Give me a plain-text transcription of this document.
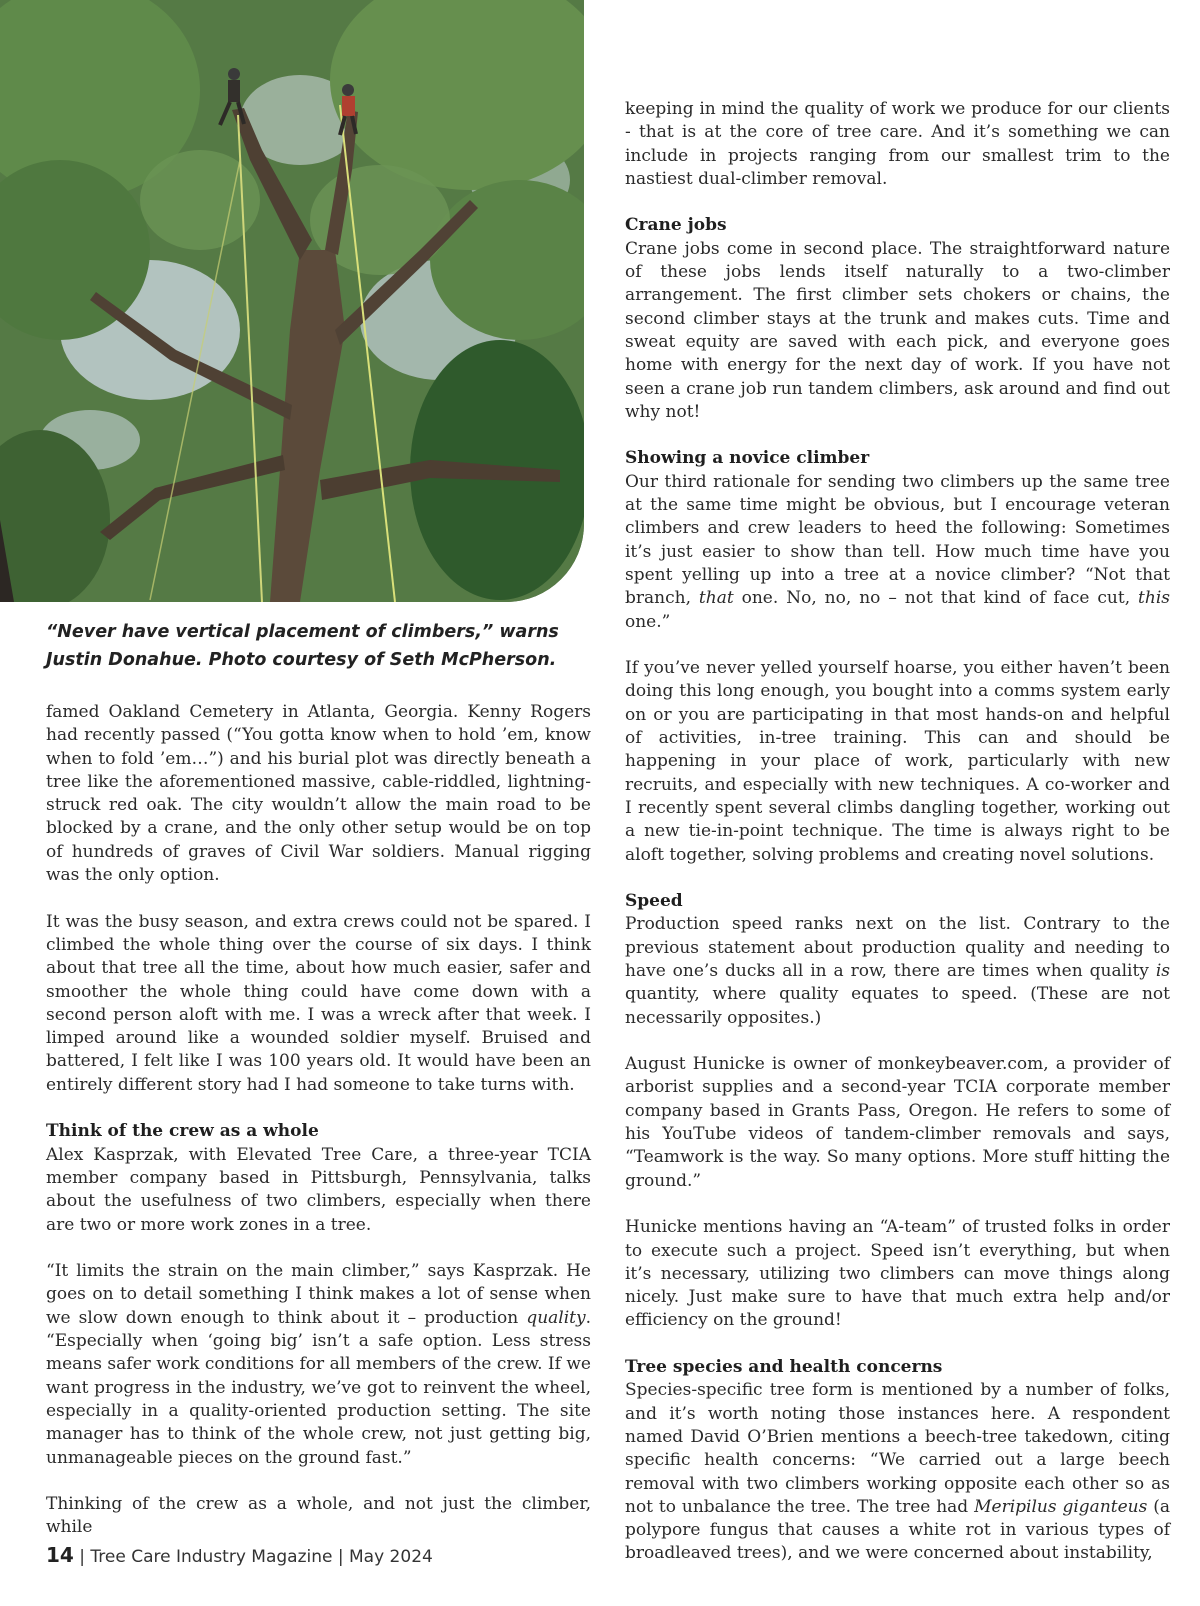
“Never have vertical placement of climbers,” warns Justin Donahue. Photo courtesy of Seth McPherson.

famed Oakland Cemetery in Atlanta, Georgia. Kenny Rogers had recently passed (“You gotta know when to hold ’em, know when to fold ’em…”) and his burial plot was directly beneath a tree like the aforementioned massive, cable-riddled, lightning-struck red oak. The city wouldn’t allow the main road to be blocked by a crane, and the only other setup would be on top of hundreds of graves of Civil War soldiers. Manual rigging was the only option.

It was the busy season, and extra crews could not be spared. I climbed the whole thing over the course of six days. I think about that tree all the time, about how much easier, safer and smoother the whole thing could have come down with a second person aloft with me. I was a wreck after that week. I limped around like a wounded soldier myself. Bruised and battered, I felt like I was 100 years old. It would have been an entirely different story had I had someone to take turns with.

Think of the crew as a whole

Alex Kasprzak, with Elevated Tree Care, a three-year TCIA member company based in Pittsburgh, Pennsylvania, talks about the usefulness of two climbers, especially when there are two or more work zones in a tree.

“It limits the strain on the main climber,” says Kasprzak. He goes on to detail something I think makes a lot of sense when we slow down enough to think about it – production quality. “Especially when ‘going big’ isn’t a safe option. Less stress means safer work conditions for all members of the crew. If we want progress in the industry, we’ve got to reinvent the wheel, especially in a quality-oriented production setting. The site manager has to think of the whole crew, not just getting big, unmanageable pieces on the ground fast.”

Thinking of the crew as a whole, and not just the climber, while

keeping in mind the quality of work we produce for our clients - that is at the core of tree care. And it’s something we can include in projects ranging from our smallest trim to the nastiest dual-climber removal.

Crane jobs

Crane jobs come in second place. The straightforward nature of these jobs lends itself naturally to a two-climber arrangement. The first climber sets chokers or chains, the second climber stays at the trunk and makes cuts. Time and sweat equity are saved with each pick, and everyone goes home with energy for the next day of work. If you have not seen a crane job run tandem climbers, ask around and find out why not!

Showing a novice climber

Our third rationale for sending two climbers up the same tree at the same time might be obvious, but I encourage veteran climbers and crew leaders to heed the following: Sometimes it’s just easier to show than tell. How much time have you spent yelling up into a tree at a novice climber? “Not that branch, that one. No, no, no – not that kind of face cut, this one.”

If you’ve never yelled yourself hoarse, you either haven’t been doing this long enough, you bought into a comms system early on or you are participating in that most hands-on and helpful of activities, in-tree training. This can and should be happening in your place of work, particularly with new recruits, and especially with new techniques. A co-worker and I recently spent several climbs dangling together, working out a new tie-in-point technique. The time is always right to be aloft together, solving problems and creating novel solutions.

Speed

Production speed ranks next on the list. Contrary to the previous statement about production quality and needing to have one’s ducks all in a row, there are times when quality is quantity, where quality equates to speed. (These are not necessarily opposites.)

August Hunicke is owner of monkeybeaver.com, a provider of arborist supplies and a second-year TCIA corporate member company based in Grants Pass, Oregon. He refers to some of his YouTube videos of tandem-climber removals and says, “Teamwork is the way. So many options. More stuff hitting the ground.”

Hunicke mentions having an “A-team” of trusted folks in order to execute such a project. Speed isn’t everything, but when it’s necessary, utilizing two climbers can move things along nicely. Just make sure to have that much extra help and/or efficiency on the ground!

Tree species and health concerns

Species-specific tree form is mentioned by a number of folks, and it’s worth noting those instances here. A respondent named David O’Brien mentions a beech-tree takedown, citing specific health concerns: “We carried out a large beech removal with two climbers working opposite each other so as not to unbalance the tree. The tree had Meripilus giganteus (a polypore fungus that causes a white rot in various types of broadleaved trees), and we were concerned about instability,

14 | Tree Care Industry Magazine | May 2024
